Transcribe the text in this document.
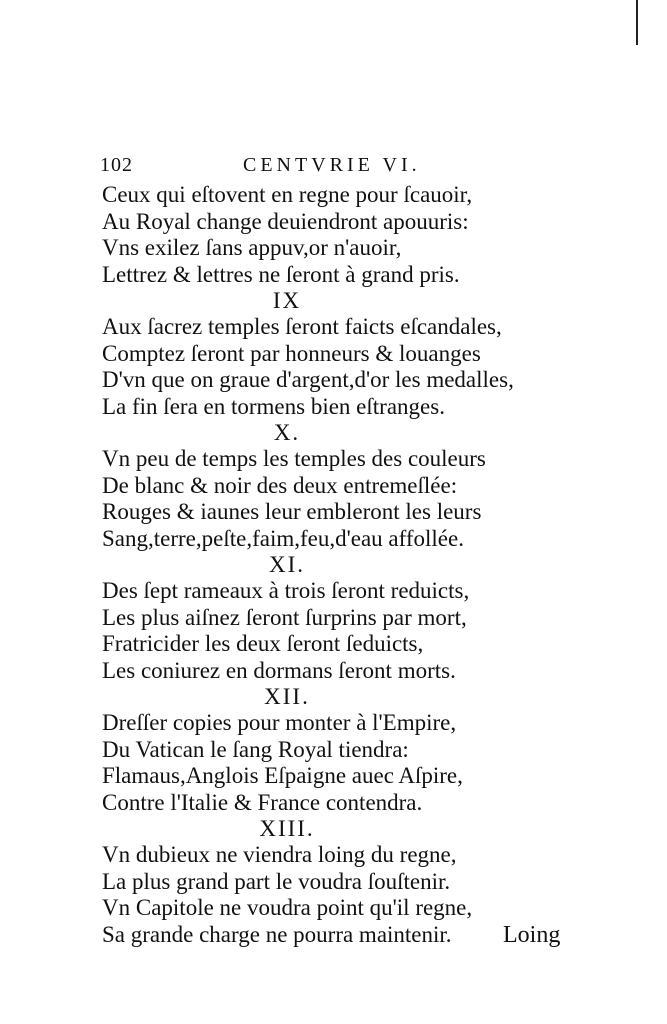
102	CENTVRIE VI.
Ceux qui eſtovent en regne pour ſcauoir,
Au Royal change deuiendront apouuris:
Vns exilez ſans appuv,or n'auoir,
Lettrez & lettres ne ſeront à grand pris.
IX
Aux ſacrez temples ſeront faicts eſcandales,
Comptez ſeront par honneurs & louanges
D'vn que on graue d'argent,d'or les medalles,
La fin ſera en tormens bien eſtranges.
X.
Vn peu de temps les temples des couleurs
De blanc & noir des deux entremeſlée:
Rouges & iaunes leur embleront les leurs
Sang,terre,peſte,faim,feu,d'eau affollée.
XI.
Des ſept rameaux à trois ſeront reduicts,
Les plus aiſnez ſeront ſurprins par mort,
Fratricider les deux ſeront ſeduicts,
Les coniurez en dormans ſeront morts.
XII.
Dreſſer copies pour monter à l'Empire,
Du Vatican le ſang Royal tiendra:
Flamaus,Anglois Eſpaigne auec Aſpire,
Contre l'Italie & France contendra.
XIII.
Vn dubieux ne viendra loing du regne,
La plus grand part le voudra ſouſtenir.
Vn Capitole ne voudra point qu'il regne,
Sa grande charge ne pourra maintenir.	Loing
